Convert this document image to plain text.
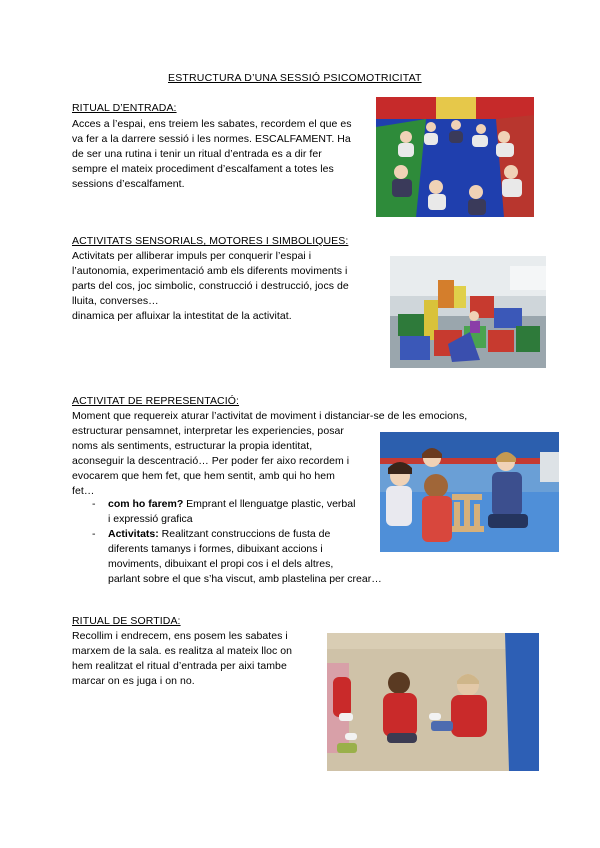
ESTRUCTURA D’UNA SESSIÓ PSICOMOTRICITAT
RITUAL D’ENTRADA:
Acces a l’espai, ens treiem les sabates, recordem el que es
va fer a la darrere sessió i les normes. ESCALFAMENT. Ha
de ser una rutina i tenir un ritual d’entrada es a dir fer
sempre el mateix procediment d’escalfament a totes les
sessions d’escalfament.
ACTIVITATS SENSORIALS, MOTORES I SIMBOLIQUES:
Activitats per alliberar impuls per conquerir l’espai i
l’autonomia, experimentació amb els diferents moviments i
parts del cos, joc simbolic, construcció i destrucció, jocs de
lluita, converses…
dinamica per afluixar la intestitat de la activitat.
ACTIVITAT DE REPRESENTACIÓ:
Moment que requereix aturar l’activitat de moviment i distanciar-se de les emocions,
estructurar pensamnet, interpretar les experiencies, posar
noms als sentiments, estructurar la propia identitat,
aconseguir la descentració… Per poder fer aixo recordem i
evocarem que hem fet, que hem sentit, amb qui ho hem
fet…
- com ho farem? Emprant el llenguatge plastic, verbal
i expressió grafica
- Activitats: Realitzant construccions de fusta de
diferents tamanys i formes, dibuixant accions i
moviments, dibuixant el propi cos i el dels altres,
parlant sobre el que s’ha viscut, amb plastelina per crear…
RITUAL DE SORTIDA:
Recollim i endrecem, ens posem les sabates i
marxem de la sala. es realitza al mateix lloc on
hem realitzat el ritual d’entrada per aixi tambe
marcar on es juga i on no.
